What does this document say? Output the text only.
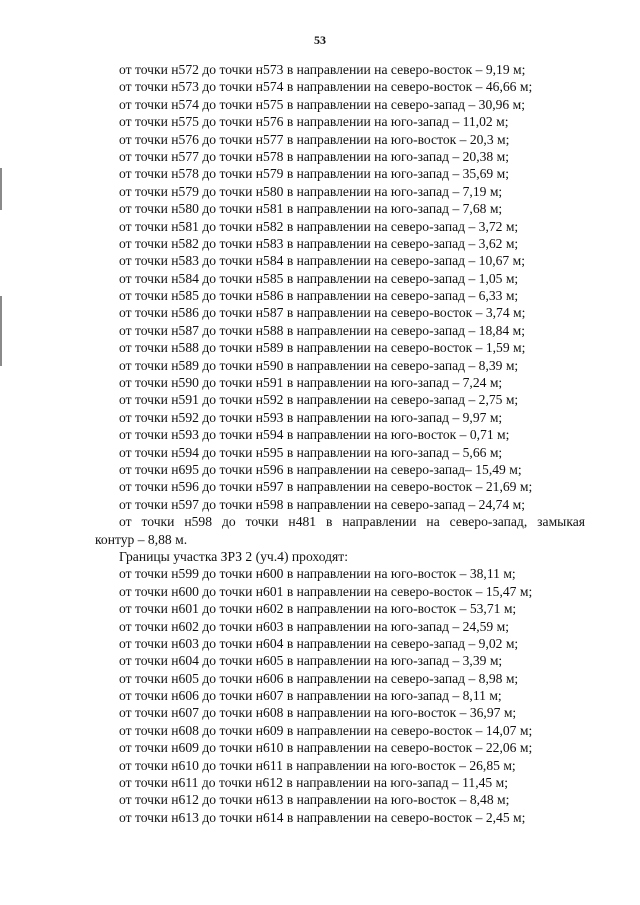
53
от точки н572 до точки н573 в направлении на северо-восток – 9,19 м;
от точки н573 до точки н574 в направлении на северо-восток – 46,66 м;
от точки н574 до точки н575 в направлении на северо-запад – 30,96 м;
от точки н575 до точки н576 в направлении на юго-запад – 11,02 м;
от точки н576 до точки н577 в направлении на юго-восток – 20,3 м;
от точки н577 до точки н578 в направлении на юго-запад – 20,38 м;
от точки н578 до точки н579 в направлении на юго-запад – 35,69 м;
от точки н579 до точки н580 в направлении на юго-запад – 7,19 м;
от точки н580 до точки н581 в направлении на юго-запад – 7,68 м;
от точки н581 до точки н582 в направлении на северо-запад – 3,72 м;
от точки н582 до точки н583 в направлении на северо-запад – 3,62 м;
от точки н583 до точки н584 в направлении на северо-запад – 10,67 м;
от точки н584 до точки н585 в направлении на северо-запад – 1,05 м;
от точки н585 до точки н586 в направлении на северо-запад – 6,33 м;
от точки н586 до точки н587 в направлении на северо-восток – 3,74 м;
от точки н587 до точки н588 в направлении на северо-запад – 18,84 м;
от точки н588 до точки н589 в направлении на северо-восток – 1,59 м;
от точки н589 до точки н590 в направлении на северо-запад – 8,39 м;
от точки н590 до точки н591 в направлении на юго-запад – 7,24 м;
от точки н591 до точки н592 в направлении на северо-запад – 2,75 м;
от точки н592 до точки н593 в направлении на юго-запад – 9,97 м;
от точки н593 до точки н594 в направлении на юго-восток – 0,71 м;
от точки н594 до точки н595 в направлении на юго-запад – 5,66 м;
от точки н695 до точки н596 в направлении на северо-запад– 15,49 м;
от точки н596 до точки н597 в направлении на северо-восток – 21,69 м;
от точки н597 до точки н598 в направлении на северо-запад – 24,74 м;
от точки н598 до точки н481 в направлении на северо-запад, замыкая
контур – 8,88 м.
Границы участка ЗРЗ 2 (уч.4) проходят:
от точки н599 до точки н600 в направлении на юго-восток – 38,11 м;
от точки н600 до точки н601 в направлении на северо-восток – 15,47 м;
от точки н601 до точки н602 в направлении на юго-восток – 53,71 м;
от точки н602 до точки н603 в направлении на юго-запад – 24,59 м;
от точки н603 до точки н604 в направлении на северо-запад – 9,02 м;
от точки н604 до точки н605 в направлении на юго-запад – 3,39 м;
от точки н605 до точки н606 в направлении на северо-запад – 8,98 м;
от точки н606 до точки н607 в направлении на юго-запад – 8,11 м;
от точки н607 до точки н608 в направлении на юго-восток – 36,97 м;
от точки н608 до точки н609 в направлении на северо-восток – 14,07 м;
от точки н609 до точки н610 в направлении на северо-восток – 22,06 м;
от точки н610 до точки н611 в направлении на юго-восток – 26,85 м;
от точки н611 до точки н612 в направлении на юго-запад – 11,45 м;
от точки н612 до точки н613 в направлении на юго-восток – 8,48 м;
от точки н613 до точки н614 в направлении на северо-восток – 2,45 м;
